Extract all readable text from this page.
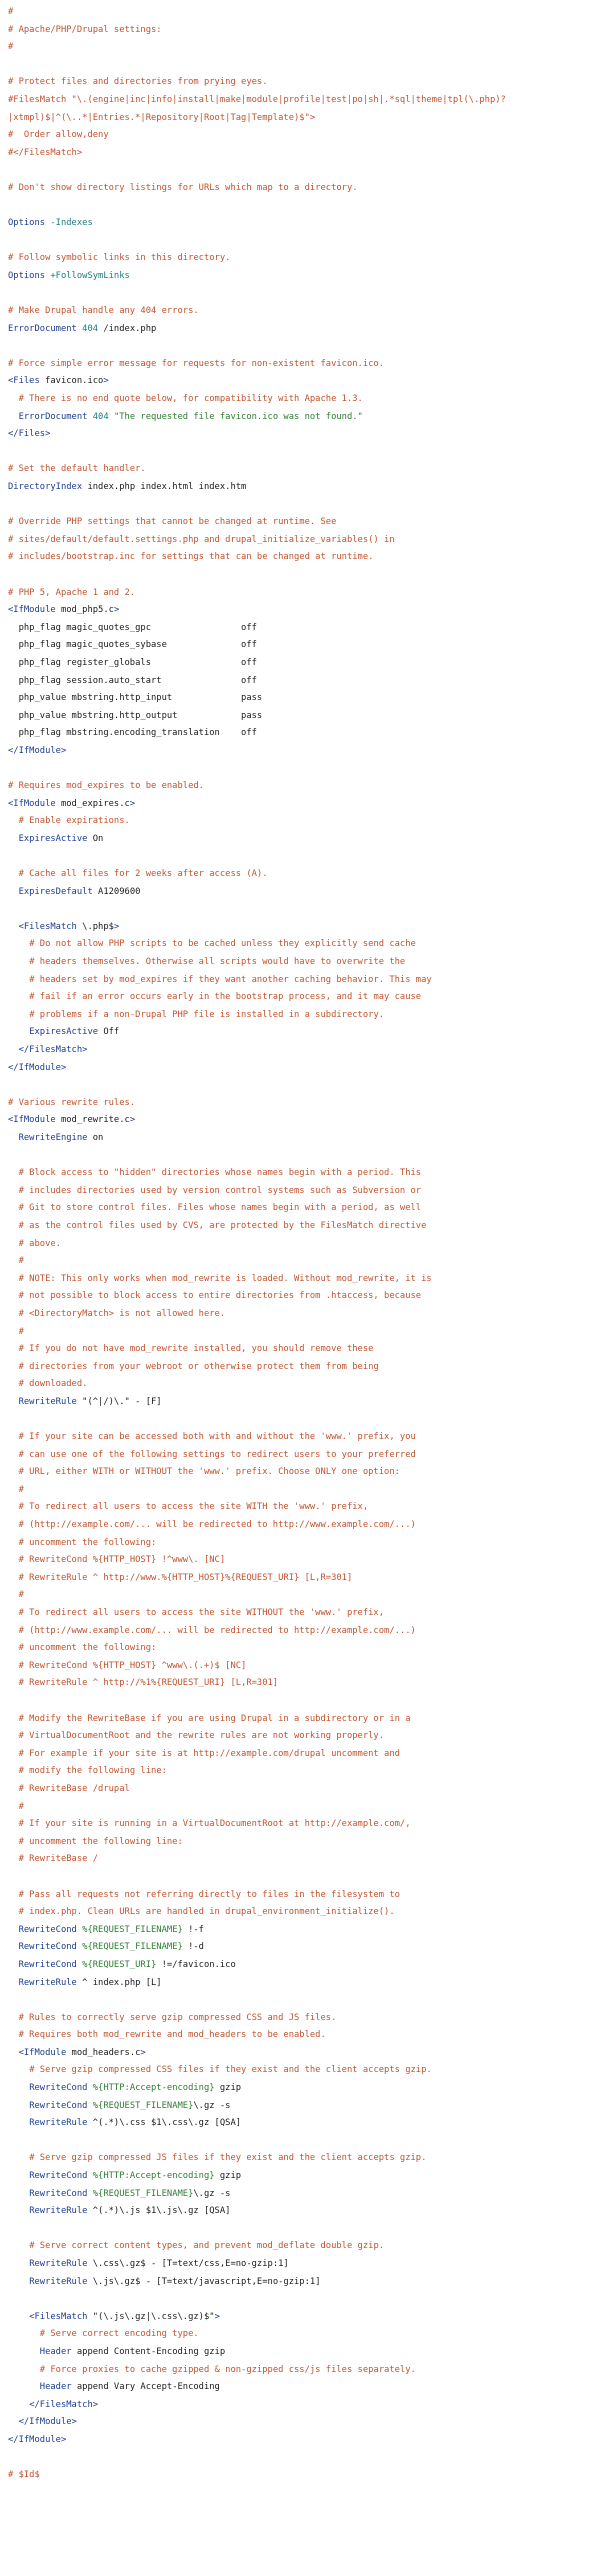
#
# Apache/PHP/Drupal settings:
#

# Protect files and directories from prying eyes.
#FilesMatch "\.(engine|inc|info|install|make|module|profile|test|po|sh|.*sql|theme|tpl(\.php)?
|xtmpl)$|^(\..*|Entries.*|Repository|Root|Tag|Template)$">
#  Order allow,deny
#</FilesMatch>

# Don't show directory listings for URLs which map to a directory.

Options -Indexes

# Follow symbolic links in this directory.
Options +FollowSymLinks

# Make Drupal handle any 404 errors.
ErrorDocument 404 /index.php

# Force simple error message for requests for non-existent favicon.ico.
<Files favicon.ico>
# There is no end quote below, for compatibility with Apache 1.3.
ErrorDocument 404 "The requested file favicon.ico was not found."
</Files>

# Set the default handler.
DirectoryIndex index.php index.html index.htm

# Override PHP settings that cannot be changed at runtime. See
# sites/default/default.settings.php and drupal_initialize_variables() in
# includes/bootstrap.inc for settings that can be changed at runtime.

# PHP 5, Apache 1 and 2.
<IfModule mod_php5.c>
php_flag magic_quotes_gpc                 off
php_flag magic_quotes_sybase              off
php_flag register_globals                 off
php_flag session.auto_start               off
php_value mbstring.http_input             pass
php_value mbstring.http_output            pass
php_flag mbstring.encoding_translation    off
</IfModule>

# Requires mod_expires to be enabled.
<IfModule mod_expires.c>
# Enable expirations.
ExpiresActive On

# Cache all files for 2 weeks after access (A).
ExpiresDefault A1209600

<FilesMatch \.php$>
# Do not allow PHP scripts to be cached unless they explicitly send cache
# headers themselves. Otherwise all scripts would have to overwrite the
# headers set by mod_expires if they want another caching behavior. This may
# fail if an error occurs early in the bootstrap process, and it may cause
# problems if a non-Drupal PHP file is installed in a subdirectory.
ExpiresActive Off
</FilesMatch>
</IfModule>

# Various rewrite rules.
<IfModule mod_rewrite.c>
RewriteEngine on

# Block access to "hidden" directories whose names begin with a period. This
# includes directories used by version control systems such as Subversion or
# Git to store control files. Files whose names begin with a period, as well
# as the control files used by CVS, are protected by the FilesMatch directive
# above.
#
# NOTE: This only works when mod_rewrite is loaded. Without mod_rewrite, it is
# not possible to block access to entire directories from .htaccess, because
# <DirectoryMatch> is not allowed here.
#
# If you do not have mod_rewrite installed, you should remove these
# directories from your webroot or otherwise protect them from being
# downloaded.
RewriteRule "(^|/)\." - [F]

# If your site can be accessed both with and without the 'www.' prefix, you
# can use one of the following settings to redirect users to your preferred
# URL, either WITH or WITHOUT the 'www.' prefix. Choose ONLY one option:
#
# To redirect all users to access the site WITH the 'www.' prefix,
# (http://example.com/... will be redirected to http://www.example.com/...)
# uncomment the following:
# RewriteCond %{HTTP_HOST} !^www\. [NC]
# RewriteRule ^ http://www.%{HTTP_HOST}%{REQUEST_URI} [L,R=301]
#
# To redirect all users to access the site WITHOUT the 'www.' prefix,
# (http://www.example.com/... will be redirected to http://example.com/...)
# uncomment the following:
# RewriteCond %{HTTP_HOST} ^www\.(.+)$ [NC]
# RewriteRule ^ http://%1%{REQUEST_URI} [L,R=301]

# Modify the RewriteBase if you are using Drupal in a subdirectory or in a
# VirtualDocumentRoot and the rewrite rules are not working properly.
# For example if your site is at http://example.com/drupal uncomment and
# modify the following line:
# RewriteBase /drupal
#
# If your site is running in a VirtualDocumentRoot at http://example.com/,
# uncomment the following line:
# RewriteBase /

# Pass all requests not referring directly to files in the filesystem to
# index.php. Clean URLs are handled in drupal_environment_initialize().
RewriteCond %{REQUEST_FILENAME} !-f
RewriteCond %{REQUEST_FILENAME} !-d
RewriteCond %{REQUEST_URI} !=/favicon.ico
RewriteRule ^ index.php [L]

# Rules to correctly serve gzip compressed CSS and JS files.
# Requires both mod_rewrite and mod_headers to be enabled.
<IfModule mod_headers.c>
# Serve gzip compressed CSS files if they exist and the client accepts gzip.
RewriteCond %{HTTP:Accept-encoding} gzip
RewriteCond %{REQUEST_FILENAME}\.gz -s
RewriteRule ^(.*)\.css $1\.css\.gz [QSA]

# Serve gzip compressed JS files if they exist and the client accepts gzip.
RewriteCond %{HTTP:Accept-encoding} gzip
RewriteCond %{REQUEST_FILENAME}\.gz -s
RewriteRule ^(.*)\.js $1\.js\.gz [QSA]

# Serve correct content types, and prevent mod_deflate double gzip.
RewriteRule \.css\.gz$ - [T=text/css,E=no-gzip:1]
RewriteRule \.js\.gz$ - [T=text/javascript,E=no-gzip:1]

<FilesMatch "(\.js\.gz|\.css\.gz)$">
# Serve correct encoding type.
Header append Content-Encoding gzip
# Force proxies to cache gzipped & non-gzipped css/js files separately.
Header append Vary Accept-Encoding
</FilesMatch>
</IfModule>
</IfModule>

# $Id$
